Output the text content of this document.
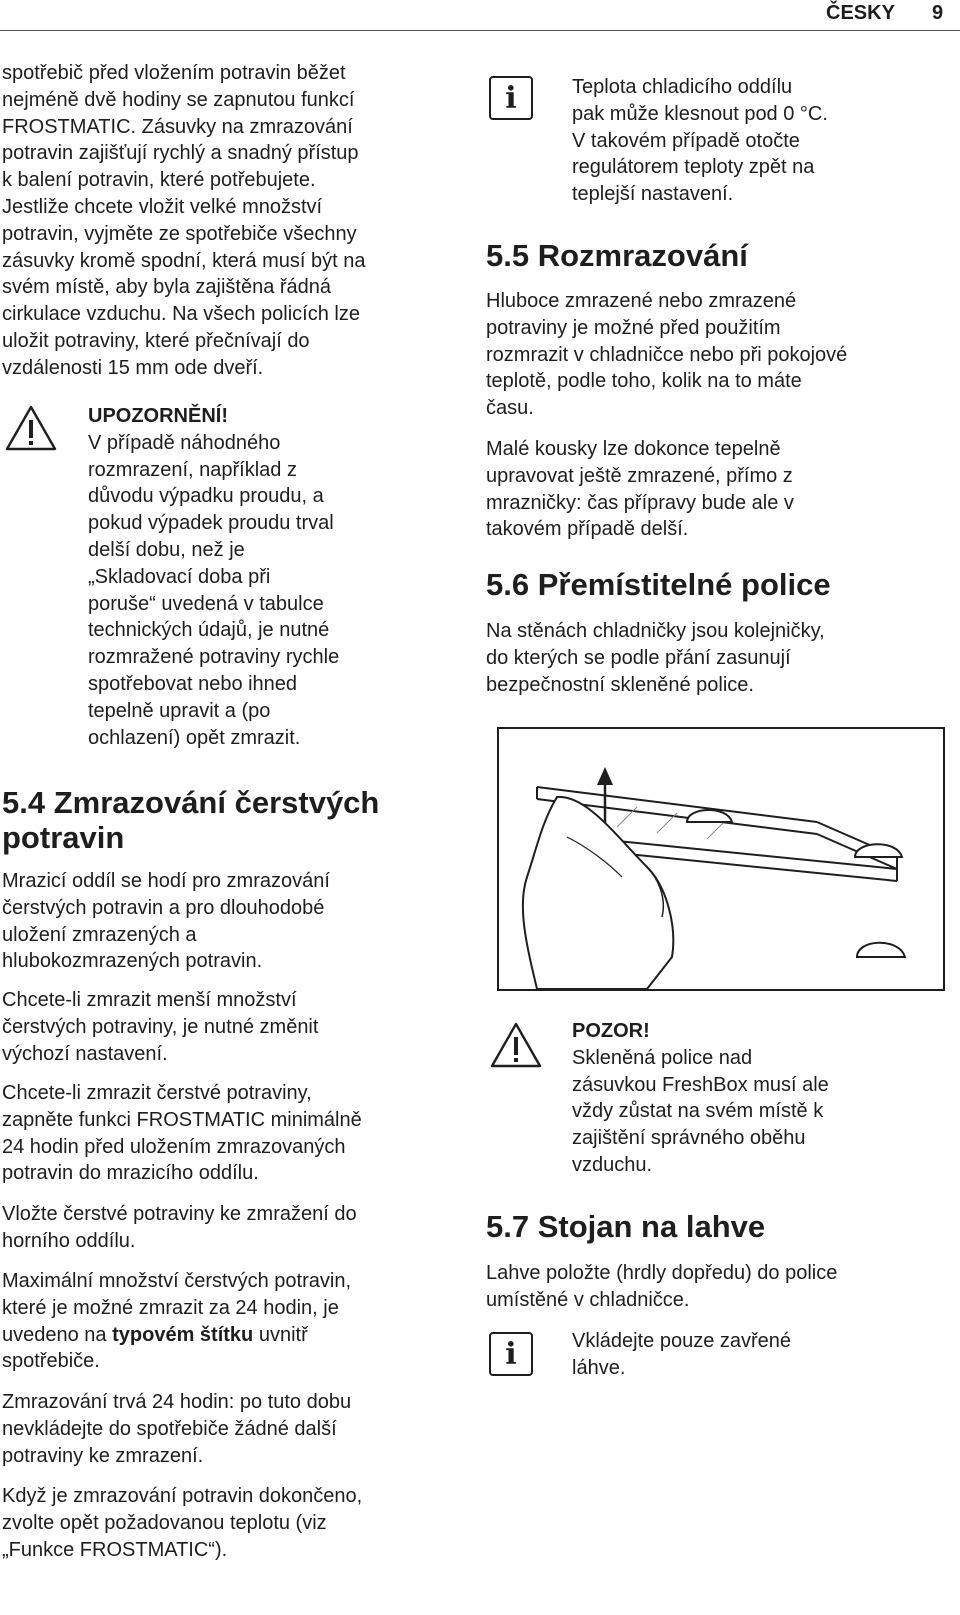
ČESKY 9
spotřebič před vložením potravin běžet
nejméně dvě hodiny se zapnutou funkcí
FROSTMATIC. Zásuvky na zmrazování
potravin zajišťují rychlý a snadný přístup
k balení potravin, které potřebujete.
Jestliže chcete vložit velké množství
potravin, vyjměte ze spotřebiče všechny
zásuvky kromě spodní, která musí být na
svém místě, aby byla zajištěna řádná
cirkulace vzduchu. Na všech policích lze
uložit potraviny, které přečnívají do
vzdálenosti 15 mm ode dveří.
UPOZORNĚNÍ!
V případě náhodného
rozmrazení, například z
důvodu výpadku proudu, a
pokud výpadek proudu trval
delší dobu, než je
„Skladovací doba při
poruše“ uvedená v tabulce
technických údajů, je nutné
rozmražené potraviny rychle
spotřebovat nebo ihned
tepelně upravit a (po
ochlazení) opět zmrazit.
5.4 Zmrazování čerstvých
potravin
Mrazicí oddíl se hodí pro zmrazování
čerstvých potravin a pro dlouhodobé
uložení zmrazených a
hlubokozmrazených potravin.
Chcete-li zmrazit menší množství
čerstvých potraviny, je nutné změnit
výchozí nastavení.
Chcete-li zmrazit čerstvé potraviny,
zapněte funkci FROSTMATIC minimálně
24 hodin před uložením zmrazovaných
potravin do mrazicího oddílu.
Vložte čerstvé potraviny ke zmražení do
horního oddílu.
Maximální množství čerstvých potravin,
které je možné zmrazit za 24 hodin, je
uvedeno na typovém štítku uvnitř
spotřebiče.
Zmrazování trvá 24 hodin: po tuto dobu
nevkládejte do spotřebiče žádné další
potraviny ke zmrazení.
Když je zmrazování potravin dokončeno,
zvolte opět požadovanou teplotu (viz
„Funkce FROSTMATIC“).
i	Teplota chladicího oddílu
pak může klesnout pod 0 °C.
V takovém případě otočte
regulátorem teploty zpět na
teplejší nastavení.
5.5 Rozmrazování
Hluboce zmrazené nebo zmrazené
potraviny je možné před použitím
rozmrazit v chladničce nebo při pokojové
teplotě, podle toho, kolik na to máte
času.
Malé kousky lze dokonce tepelně
upravovat ještě zmrazené, přímo z
mrazničky: čas přípravy bude ale v
takovém případě delší.
5.6 Přemístitelné police
Na stěnách chladničky jsou kolejničky,
do kterých se podle přání zasunují
bezpečnostní skleněné police.
POZOR!
Skleněná police nad
zásuvkou FreshBox musí ale
vždy zůstat na svém místě k
zajištění správného oběhu
vzduchu.
5.7 Stojan na lahve
Lahve položte (hrdly dopředu) do police
umístěné v chladničce.
i	Vkládejte pouze zavřené
láhve.
